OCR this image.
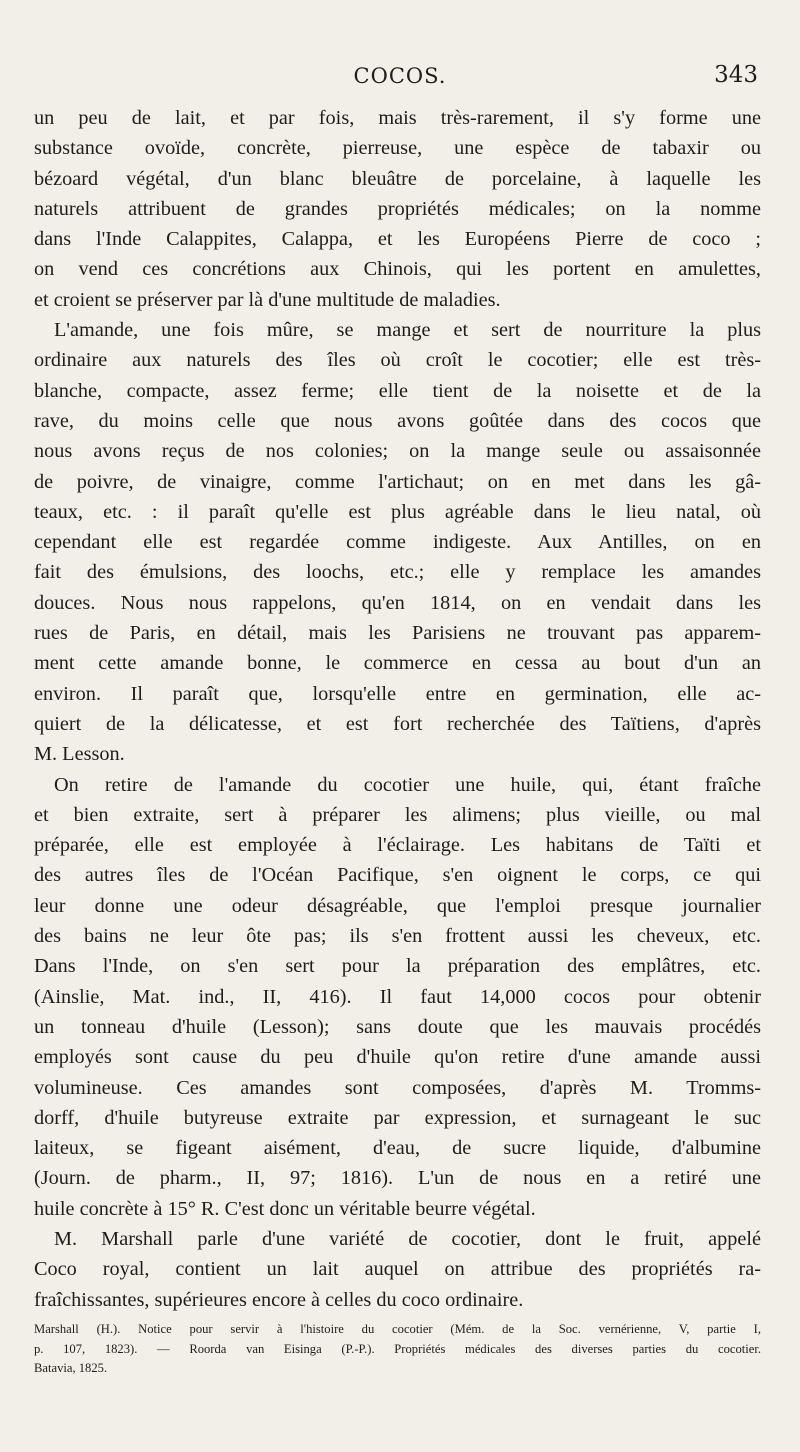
COCOS.	343
un peu de lait, et par fois, mais très-rarement, il s'y forme une
substance ovoïde, concrète, pierreuse, une espèce de tabaxir ou
bézoard végétal, d'un blanc bleuâtre de porcelaine, à laquelle les
naturels attribuent de grandes propriétés médicales; on la nomme
dans l'Inde Calappites, Calappa, et les Européens Pierre de coco ;
on vend ces concrétions aux Chinois, qui les portent en amulettes,
et croient se préserver par là d'une multitude de maladies.
L'amande, une fois mûre, se mange et sert de nourriture la plus
ordinaire aux naturels des îles où croît le cocotier; elle est très-
blanche, compacte, assez ferme; elle tient de la noisette et de la
rave, du moins celle que nous avons goûtée dans des cocos que
nous avons reçus de nos colonies; on la mange seule ou assaisonnée
de poivre, de vinaigre, comme l'artichaut; on en met dans les gâ-
teaux, etc. : il paraît qu'elle est plus agréable dans le lieu natal, où
cependant elle est regardée comme indigeste. Aux Antilles, on en
fait des émulsions, des loochs, etc.; elle y remplace les amandes
douces. Nous nous rappelons, qu'en 1814, on en vendait dans les
rues de Paris, en détail, mais les Parisiens ne trouvant pas apparem-
ment cette amande bonne, le commerce en cessa au bout d'un an
environ. Il paraît que, lorsqu'elle entre en germination, elle ac-
quiert de la délicatesse, et est fort recherchée des Taïtiens, d'après
M. Lesson.
On retire de l'amande du cocotier une huile, qui, étant fraîche
et bien extraite, sert à préparer les alimens; plus vieille, ou mal
préparée, elle est employée à l'éclairage. Les habitans de Taïti et
des autres îles de l'Océan Pacifique, s'en oignent le corps, ce qui
leur donne une odeur désagréable, que l'emploi presque journalier
des bains ne leur ôte pas; ils s'en frottent aussi les cheveux, etc.
Dans l'Inde, on s'en sert pour la préparation des emplâtres, etc.
(Ainslie, Mat. ind., II, 416). Il faut 14,000 cocos pour obtenir
un tonneau d'huile (Lesson); sans doute que les mauvais procédés
employés sont cause du peu d'huile qu'on retire d'une amande aussi
volumineuse. Ces amandes sont composées, d'après M. Tromms-
dorff, d'huile butyreuse extraite par expression, et surnageant le suc
laiteux, se figeant aisément, d'eau, de sucre liquide, d'albumine
(Journ. de pharm., II, 97; 1816). L'un de nous en a retiré une
huile concrète à 15° R. C'est donc un véritable beurre végétal.
M. Marshall parle d'une variété de cocotier, dont le fruit, appelé
Coco royal, contient un lait auquel on attribue des propriétés ra-
fraîchissantes, supérieures encore à celles du coco ordinaire.
Marshall (H.). Notice pour servir à l'histoire du cocotier (Mém. de la Soc. vernérienne, V, partie I,
p. 107, 1823). — Roorda van Eisinga (P.-P.). Propriétés médicales des diverses parties du cocotier.
Batavia, 1825.
